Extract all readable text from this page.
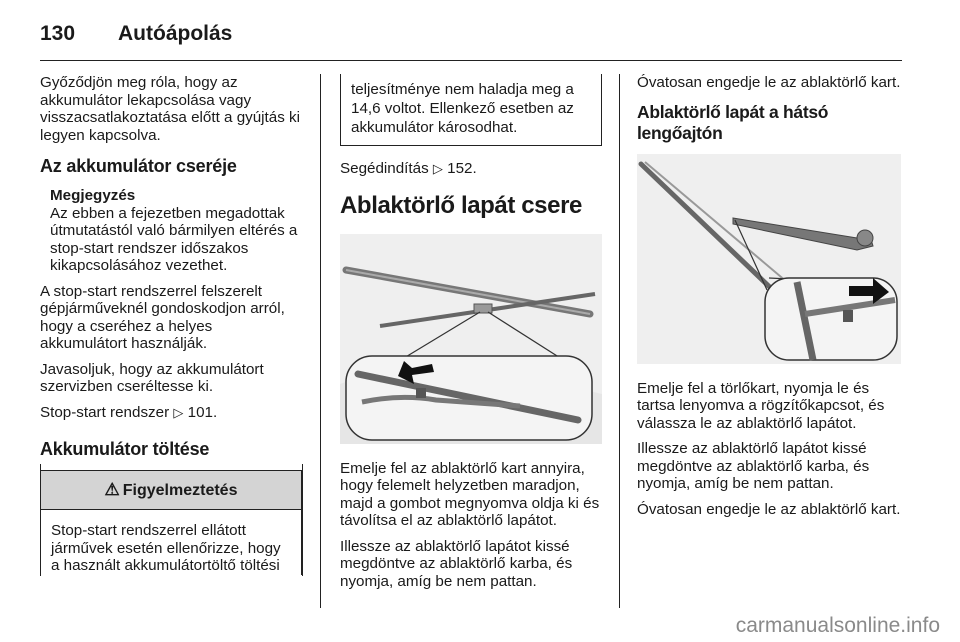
130 Autóápolás

Győződjön meg róla, hogy az akkumulátor lekapcsolása vagy visszacsatlakoztatása előtt a gyújtás ki legyen kapcsolva.

Az akkumulátor cseréje
Megjegyzés
Az ebben a fejezetben megadottak útmutatástól való bármilyen eltérés a stop-start rendszer időszakos kikapcsolásához vezethet.

A stop-start rendszerrel felszerelt gépjárműveknél gondoskodjon arról, hogy a cseréhez a helyes akkumulátort használják.

Javasoljuk, hogy az akkumulátort szervizben cseréltesse ki.

Stop-start rendszer ▷ 101.

Akkumulátor töltése
⚠ Figyelmeztetés
Stop-start rendszerrel ellátott járművek esetén ellenőrizze, hogy a használt akkumulátortöltő töltési
teljesítménye nem haladja meg a 14,6 voltot. Ellenkező esetben az akkumulátor károsodhat.

Segédindítás ▷ 152.

Ablaktörlő lapát csere

Emelje fel az ablaktörlő kart annyira, hogy felemelt helyzetben maradjon, majd a gombot megnyomva oldja ki és távolítsa el az ablaktörlő lapátot.

Illessze az ablaktörlő lapátot kissé megdöntve az ablaktörlő karba, és nyomja, amíg be nem pattan.

Óvatosan engedje le az ablaktörlő kart.

Ablaktörlő lapát a hátsó lengőajtón

Emelje fel a törlőkart, nyomja le és tartsa lenyomva a rögzítőkapcsot, és válassza le az ablaktörlő lapátot.

Illessze az ablaktörlő lapátot kissé megdöntve az ablaktörlő karba, és nyomja, amíg be nem pattan.

Óvatosan engedje le az ablaktörlő kart.

carmanualsonline.info
